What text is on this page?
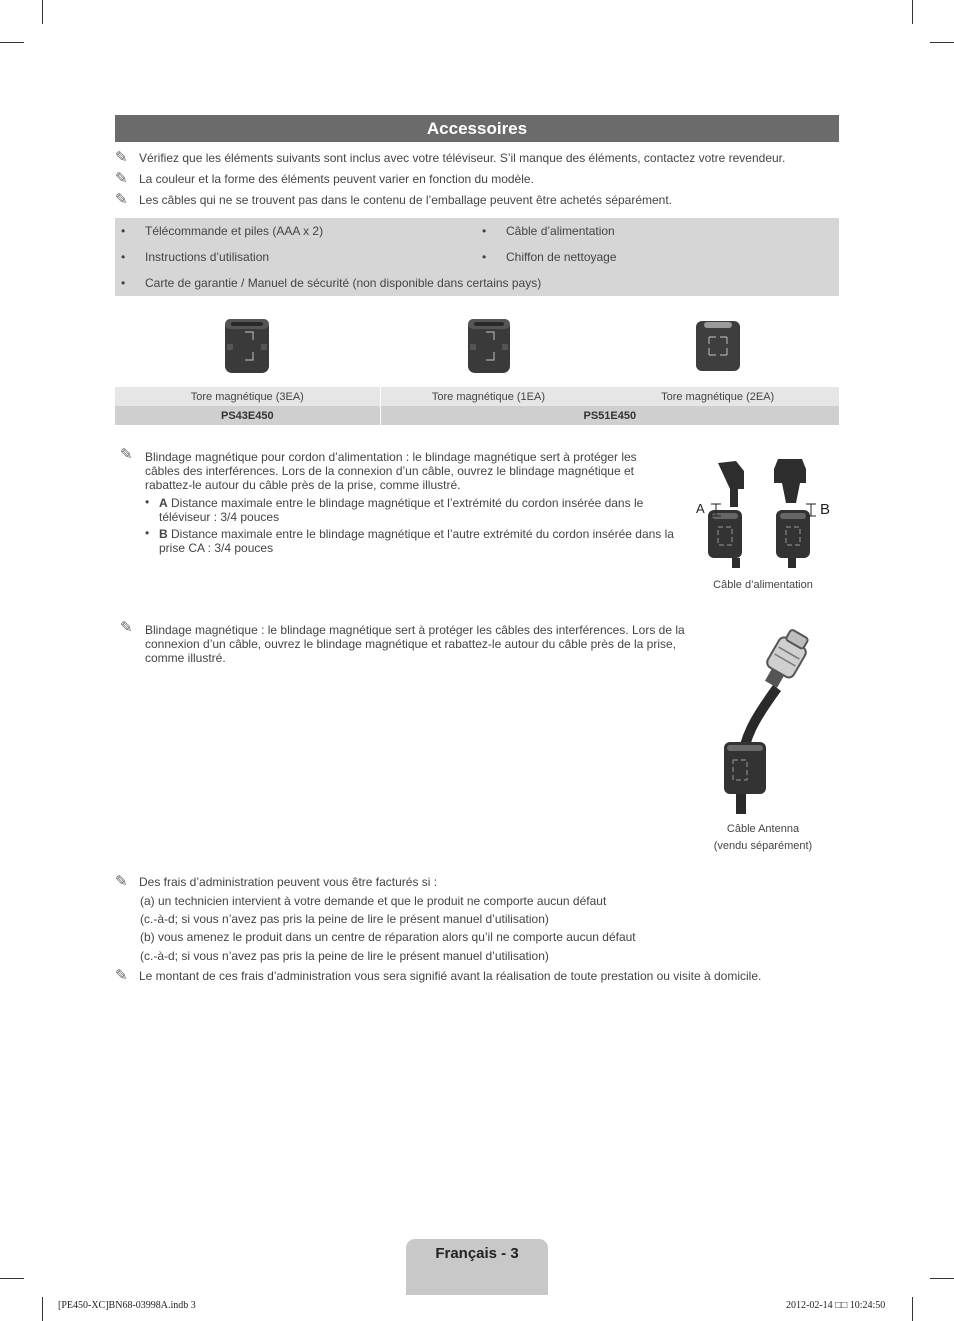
Accessoires
✎ Vérifiez que les éléments suivants sont inclus avec votre téléviseur. S’il manque des éléments, contactez votre revendeur.
✎ La couleur et la forme des éléments peuvent varier en fonction du modèle.
✎ Les câbles qui ne se trouvent pas dans le contenu de l’emballage peuvent être achetés séparément.
• Télécommande et piles (AAA x 2)	• Câble d’alimentation
• Instructions d’utilisation	• Chiffon de nettoyage
• Carte de garantie / Manuel de sécurité (non disponible dans certains pays)
Tore magnétique (3EA)	Tore magnétique (1EA)	Tore magnétique (2EA)
PS43E450	PS51E450	
✎	Blindage magnétique pour cordon d’alimentation : le blindage magnétique sert à protéger les câbles des interférences. Lors de la connexion d’un câble, ouvrez le blindage magnétique et rabattez-le autour du câble près de la prise, comme illustré.
• A Distance maximale entre le blindage magnétique et l’extrémité du cordon insérée dans le téléviseur : 3/4 pouces
• B Distance maximale entre le blindage magnétique et l’autre extrémité du cordon insérée dans la prise CA : 3/4 pouces
A	B
Câble d’alimentation
✎	Blindage magnétique : le blindage magnétique sert à protéger les câbles des interférences. Lors de la connexion d’un câble, ouvrez le blindage magnétique et rabattez-le autour du câble près de la prise, comme illustré.
Câble Antenna
(vendu séparément)
✎ Des frais d’administration peuvent vous être facturés si :
(a) un technicien intervient à votre demande et que le produit ne comporte aucun défaut
(c.-à-d; si vous n’avez pas pris la peine de lire le présent manuel d’utilisation)
(b) vous amenez le produit dans un centre de réparation alors qu’il ne comporte aucun défaut
(c.-à-d; si vous n’avez pas pris la peine de lire le présent manuel d’utilisation)
✎ Le montant de ces frais d’administration vous sera signifié avant la réalisation de toute prestation ou visite à domicile.
Français - 3
[PE450-XC]BN68-03998A.indb 3	2012-02-14 □□ 10:24:50
